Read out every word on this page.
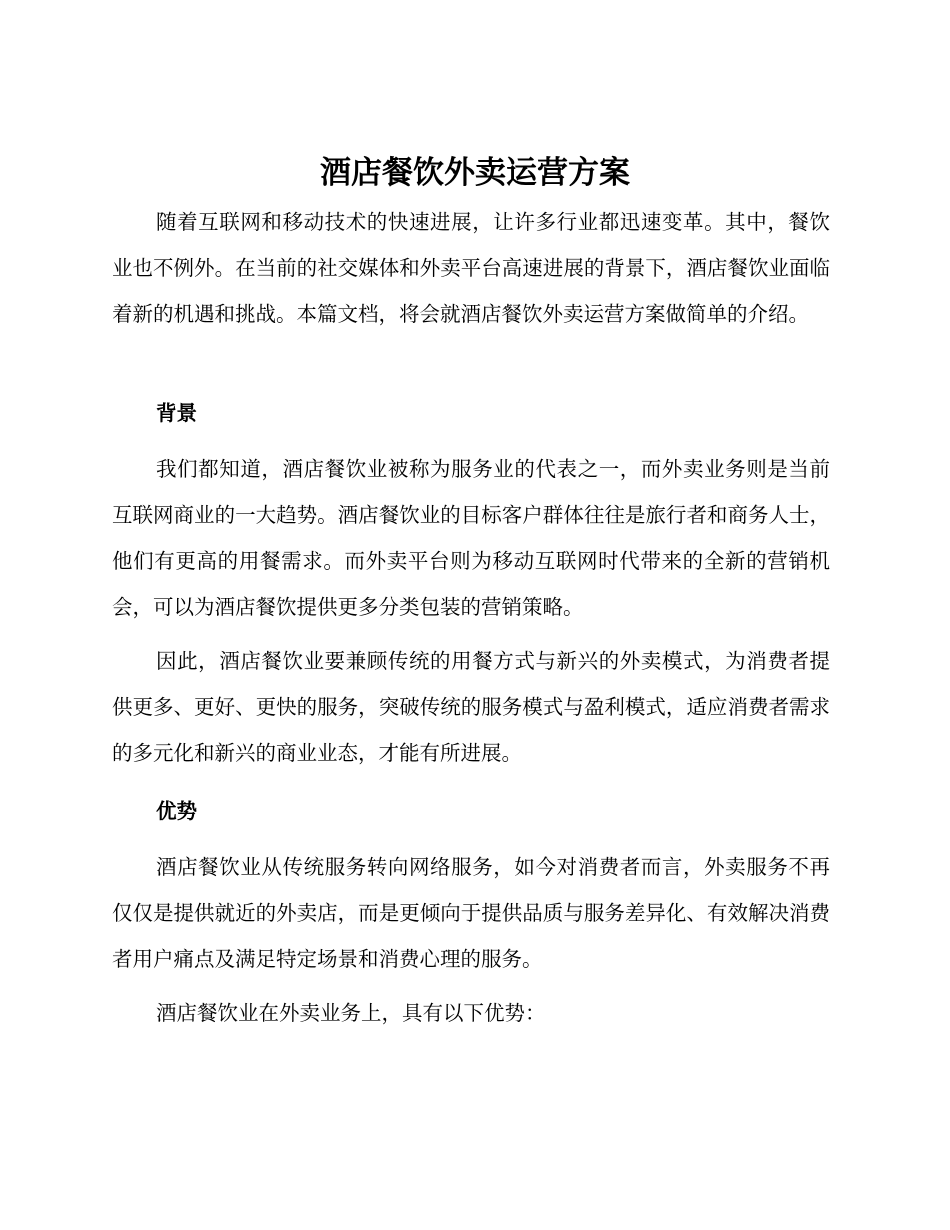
酒店餐饮外卖运营方案

随着互联网和移动技术的快速进展，让许多行业都迅速变革。其中，餐饮业也不例外。在当前的社交媒体和外卖平台高速进展的背景下，酒店餐饮业面临着新的机遇和挑战。本篇文档，将会就酒店餐饮外卖运营方案做简单的介绍。

背景

我们都知道，酒店餐饮业被称为服务业的代表之一，而外卖业务则是当前互联网商业的一大趋势。酒店餐饮业的目标客户群体往往是旅行者和商务人士，他们有更高的用餐需求。而外卖平台则为移动互联网时代带来的全新的营销机会，可以为酒店餐饮提供更多分类包装的营销策略。

因此，酒店餐饮业要兼顾传统的用餐方式与新兴的外卖模式，为消费者提供更多、更好、更快的服务，突破传统的服务模式与盈利模式，适应消费者需求的多元化和新兴的商业业态，才能有所进展。

优势

酒店餐饮业从传统服务转向网络服务，如今对消费者而言，外卖服务不再仅仅是提供就近的外卖店，而是更倾向于提供品质与服务差异化、有效解决消费者用户痛点及满足特定场景和消费心理的服务。

酒店餐饮业在外卖业务上，具有以下优势：
